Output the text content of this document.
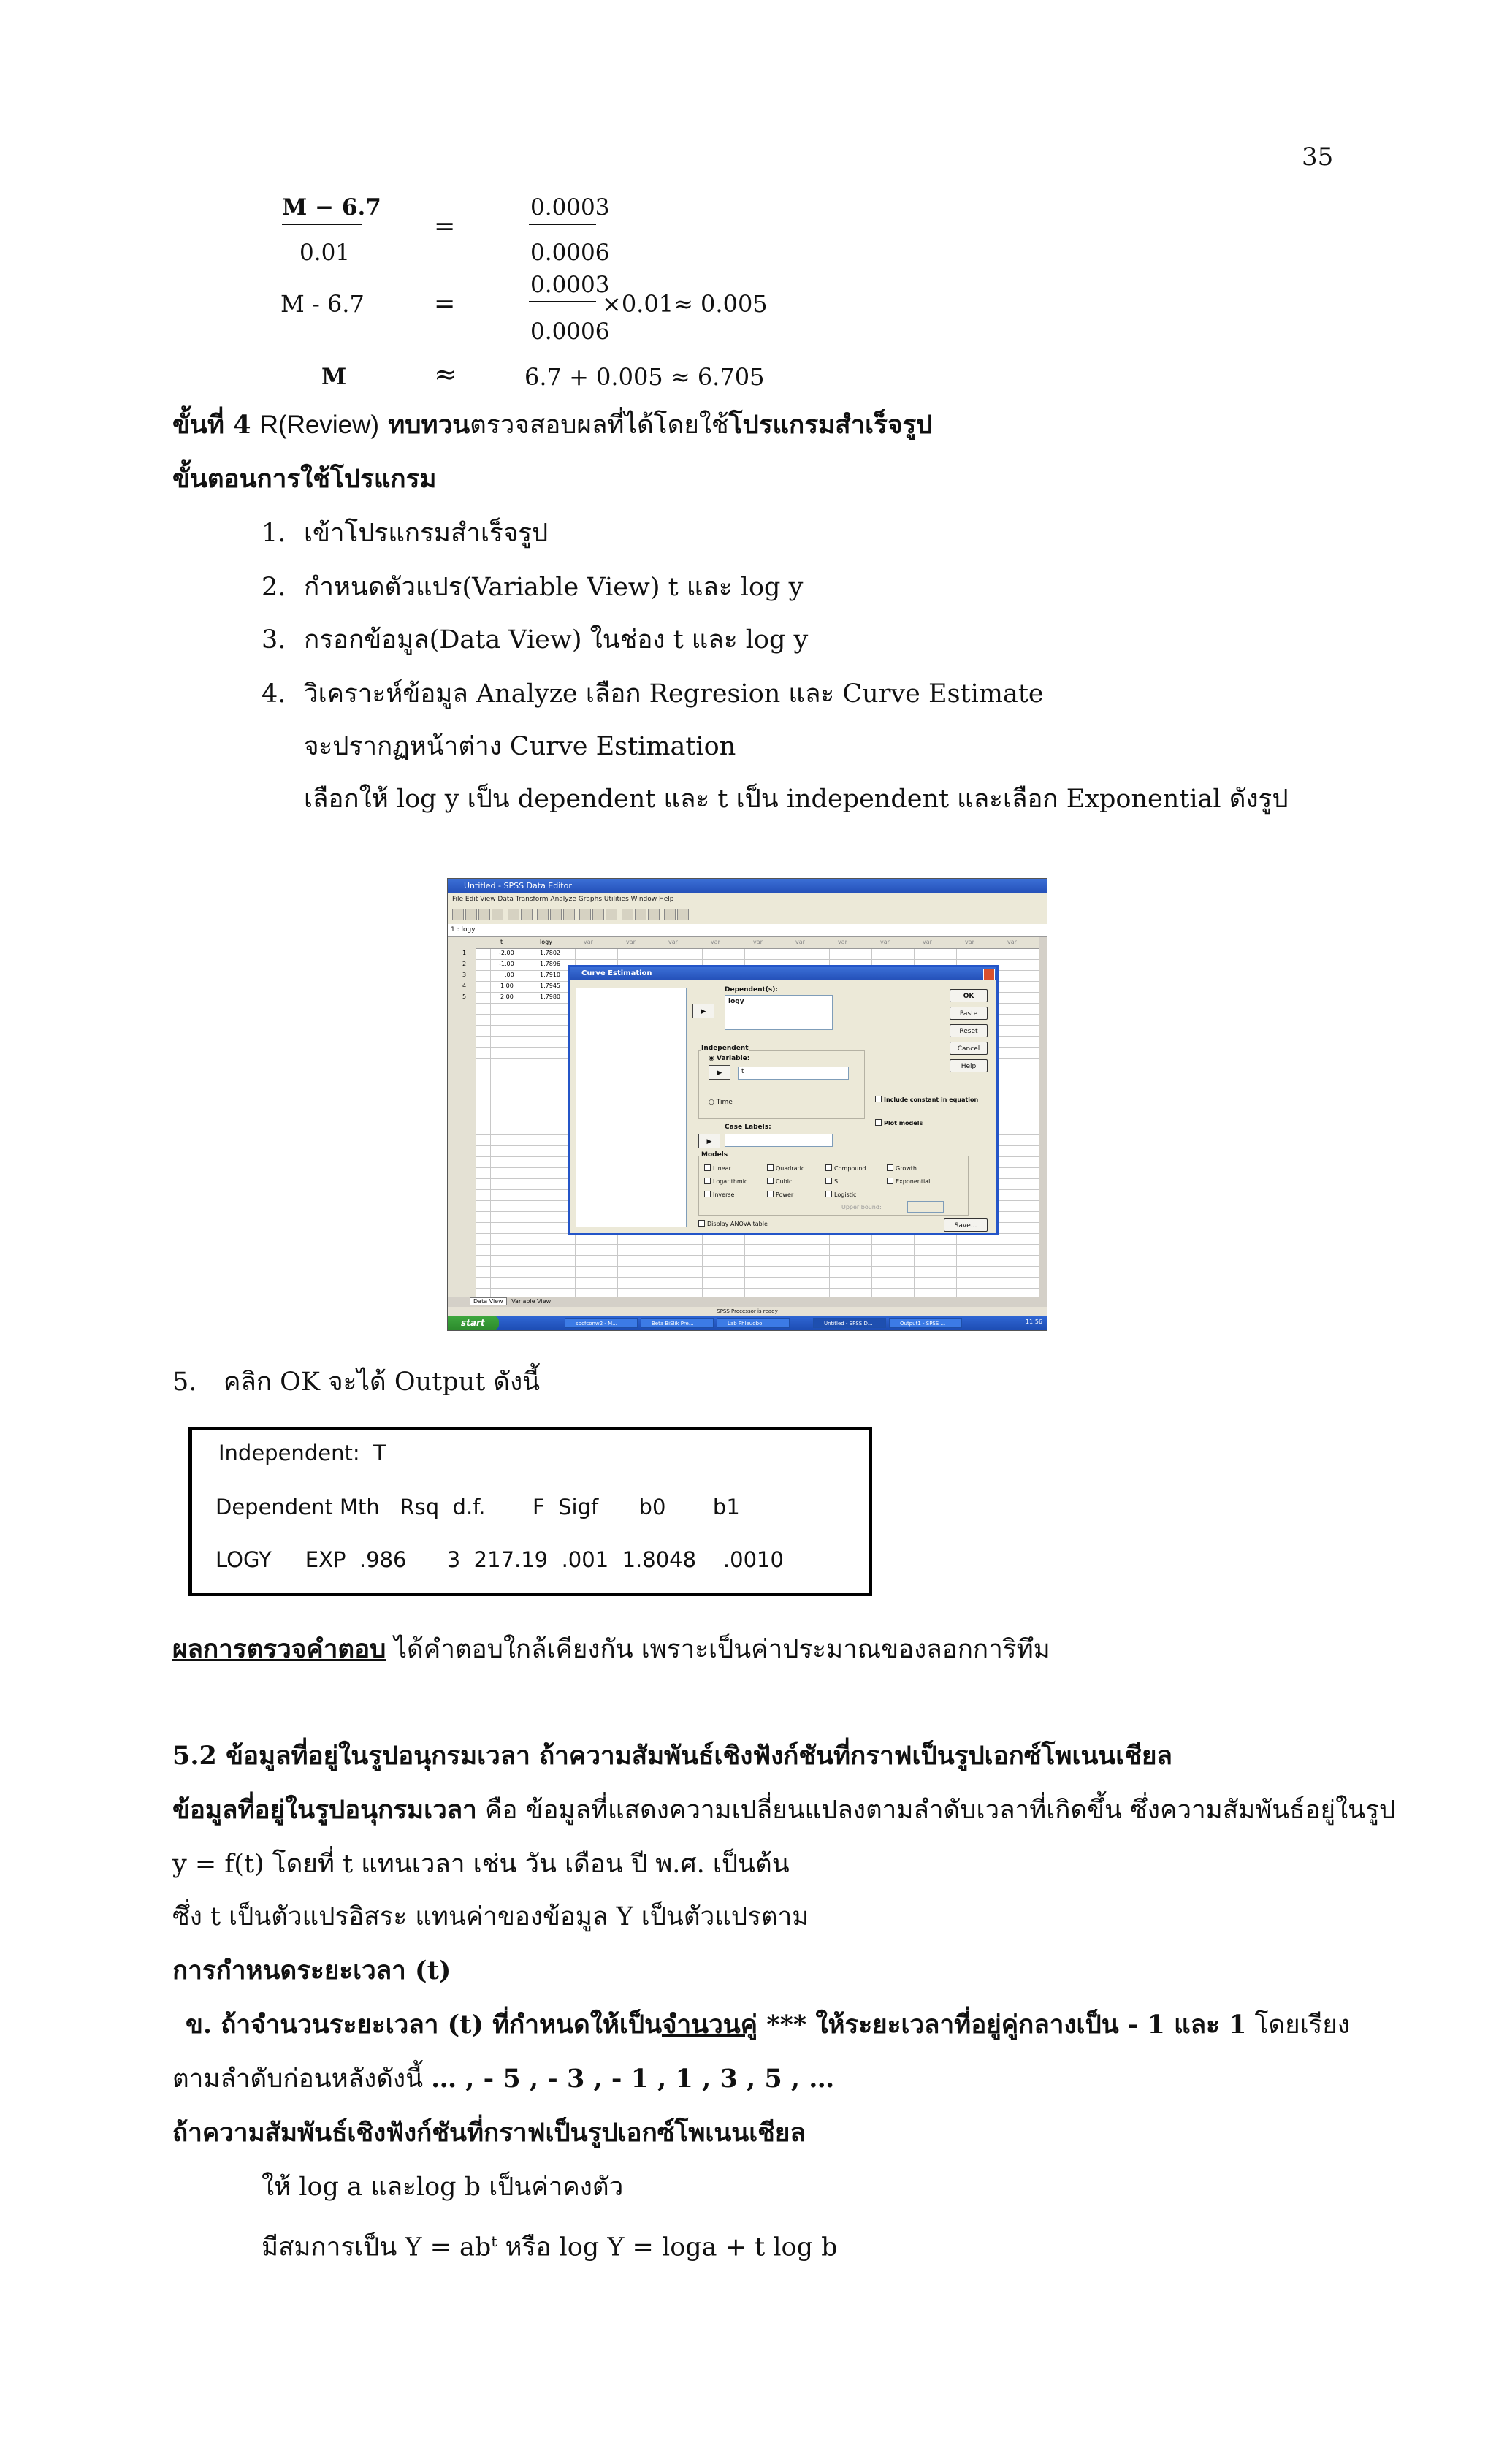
35
M − 6.7
0.01
=
0.0003
0.0006
M - 6.7	=
0.0003
0.0006
×0.01≈ 0.005
M	≈	6.7 + 0.005 ≈ 6.705
ขั้นที่ 4 R(Review) ทบทวนตรวจสอบผลที่ได้โดยใช้โปรแกรมสำเร็จรูป
ขั้นตอนการใช้โปรแกรม
1. เข้าโปรแกรมสำเร็จรูป
2. กำหนดตัวแปร(Variable View) t และ log y
3. กรอกข้อมูล(Data View) ในช่อง t และ log y
4. วิเคราะห์ข้อมูล Analyze เลือก Regresion และ Curve Estimate
จะปรากฏหน้าต่าง Curve Estimation
เลือกให้ log y เป็น dependent และ t เป็น independent และเลือก Exponential ดังรูป
Untitled - SPSS Data Editor
File Edit View Data Transform Analyze Graphs Utilities Window Help
1 : logy
t	logy	var	var	var	var	var	var	var	var	var	var	var
1	-2.00	1.7802
2	-1.00	1.7896
3	.00	1.7910
4	1.00	1.7945
5	2.00	1.7980
Curve Estimation
▶
Dependent(s):
logy
Independent
◉ Variable:
▶	t
○ Time
Case Labels:
▶
Include constant in equation
Plot models
Models
Linear	Quadratic	Compound	Growth
Logarithmic	Cubic	S	Exponential
Inverse	Power	Logistic
Upper bound:
Display ANOVA table	Save...
OK
Paste
Reset
Cancel
Help
Data View Variable View
SPSS Processor is ready
start	spcfconw2 - M...	Beta BiSlik Pre...	Lab Phleudbo	Untitled - SPSS D...	Output1 - SPSS ...	11:56
5. คลิก OK จะได้ Output ดังนี้
Independent:  T
Dependent Mth   Rsq  d.f.       F  Sigf      b0       b1
LOGY     EXP  .986      3  217.19  .001  1.8048    .0010
ผลการตรวจคำตอบ ได้คำตอบใกล้เคียงกัน เพราะเป็นค่าประมาณของลอกการิทึม
5.2 ข้อมูลที่อยู่ในรูปอนุกรมเวลา ถ้าความสัมพันธ์เชิงฟังก์ชันที่กราฟเป็นรูปเอกซ์โพเนนเชียล
ข้อมูลที่อยู่ในรูปอนุกรมเวลา คือ ข้อมูลที่แสดงความเปลี่ยนแปลงตามลำดับเวลาที่เกิดขึ้น ซึ่งความสัมพันธ์อยู่ในรูป
y = f(t) โดยที่ t แทนเวลา เช่น วัน เดือน ปี พ.ศ. เป็นต้น
ซึ่ง t เป็นตัวแปรอิสระ แทนค่าของข้อมูล Y เป็นตัวแปรตาม
การกำหนดระยะเวลา (t)
ข. ถ้าจำนวนระยะเวลา (t) ที่กำหนดให้เป็นจำนวนคู่ *** ให้ระยะเวลาที่อยู่คู่กลางเป็น - 1 และ 1 โดยเรียง
ตามลำดับก่อนหลังดังนี้ … , - 5 , - 3 , - 1 , 1 , 3 , 5 , …
ถ้าความสัมพันธ์เชิงฟังก์ชันที่กราฟเป็นรูปเอกซ์โพเนนเชียล
ให้ log a และlog b เป็นค่าคงตัว
มีสมการเป็น $Y = ab^t$ หรือ log Y = loga + t log b
